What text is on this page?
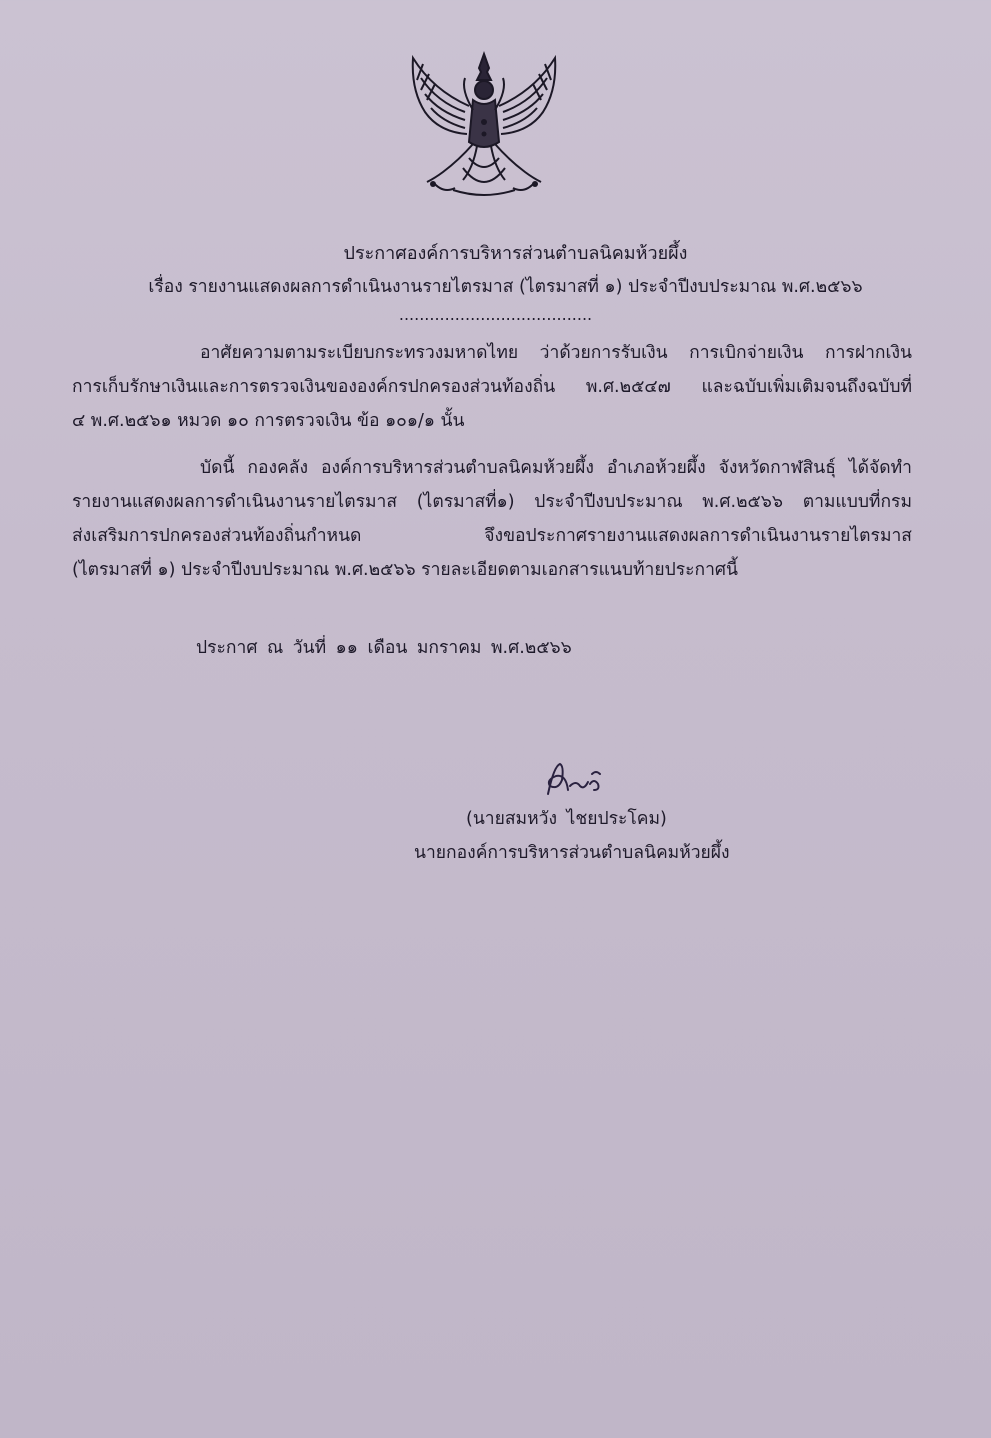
ประกาศองค์การบริหารส่วนตำบลนิคมห้วยผึ้ง
เรื่อง รายงานแสดงผลการดำเนินงานรายไตรมาส (ไตรมาสที่ ๑) ประจำปีงบประมาณ พ.ศ.๒๕๖๖
......................................
อาศัยความตามระเบียบกระทรวงมหาดไทย ว่าด้วยการรับเงิน การเบิกจ่ายเงิน การฝากเงิน
การเก็บรักษาเงินและการตรวจเงินขององค์กรปกครองส่วนท้องถิ่น พ.ศ.๒๕๔๗ และฉบับเพิ่มเติมจนถึงฉบับที่
๔ พ.ศ.๒๕๖๑ หมวด ๑๐ การตรวจเงิน ข้อ ๑๐๑/๑ นั้น
บัดนี้ กองคลัง องค์การบริหารส่วนตำบลนิคมห้วยผึ้ง อำเภอห้วยผึ้ง จังหวัดกาฬสินธุ์ ได้จัดทำ
รายงานแสดงผลการดำเนินงานรายไตรมาส (ไตรมาสที่๑) ประจำปีงบประมาณ พ.ศ.๒๕๖๖ ตามแบบที่กรม
ส่งเสริมการปกครองส่วนท้องถิ่นกำหนด จึงขอประกาศรายงานแสดงผลการดำเนินงานรายไตรมาส
(ไตรมาสที่ ๑) ประจำปีงบประมาณ พ.ศ.๒๕๖๖ รายละเอียดตามเอกสารแนบท้ายประกาศนี้
ประกาศ ณ วันที่ ๑๑ เดือน มกราคม พ.ศ.๒๕๖๖
(นายสมหวัง ไชยประโคม)
นายกองค์การบริหารส่วนตำบลนิคมห้วยผึ้ง
